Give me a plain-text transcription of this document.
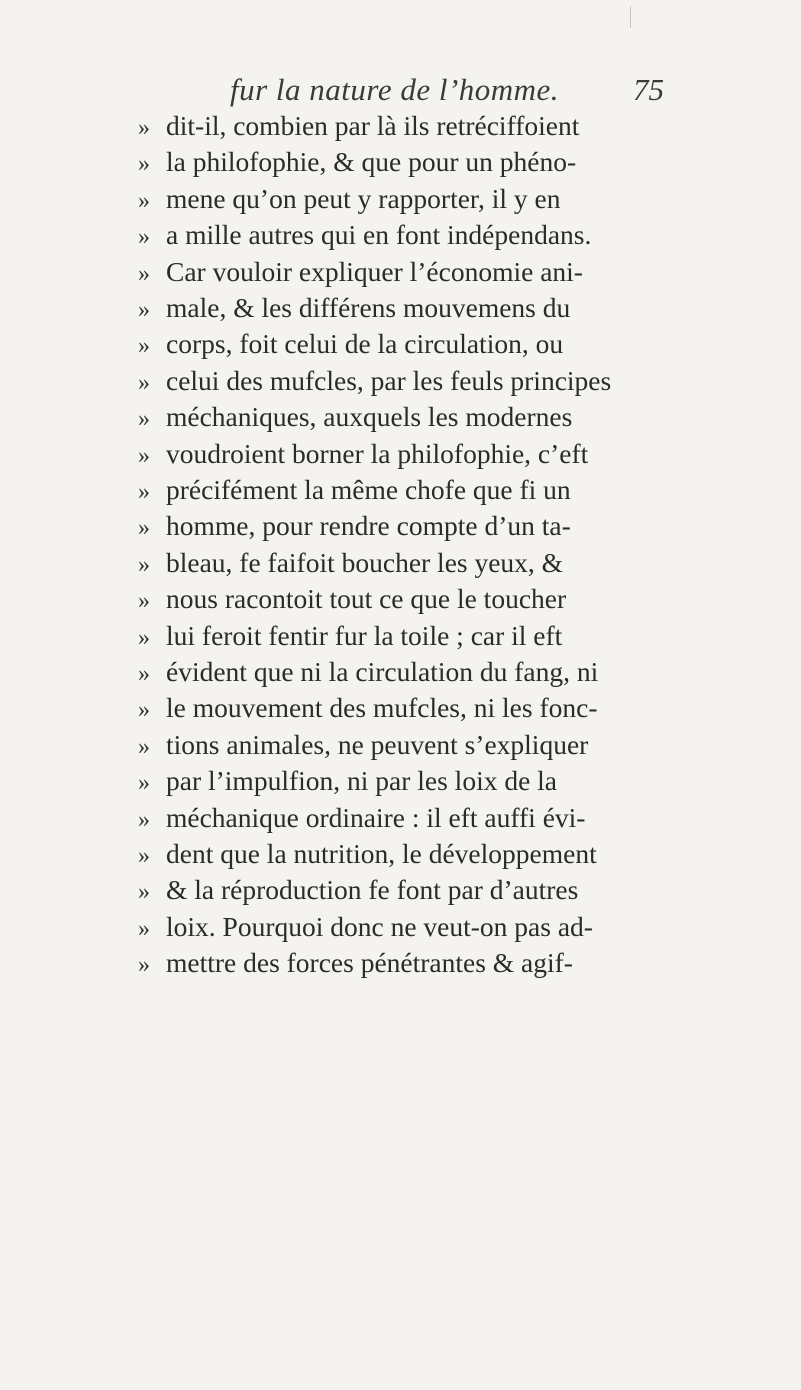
fur la nature de l’homme. 75
» dit-il, combien par là ils retréciffoient
» la philofophie, & que pour un phéno-
» mene qu’on peut y rapporter, il y en
» a mille autres qui en font indépendans.
» Car vouloir expliquer l’économie ani-
» male, & les différens mouvemens du
» corps, foit celui de la circulation, ou
» celui des mufcles, par les feuls principes
» méchaniques, auxquels les modernes
» voudroient borner la philofophie, c’eft
» précifément la même chofe que fi un
» homme, pour rendre compte d’un ta-
» bleau, fe faifoit boucher les yeux, &
» nous racontoit tout ce que le toucher
» lui feroit fentir fur la toile ; car il eft
» évident que ni la circulation du fang, ni
» le mouvement des mufcles, ni les fonc-
» tions animales, ne peuvent s’expliquer
» par l’impulfion, ni par les loix de la
» méchanique ordinaire : il eft auffi évi-
» dent que la nutrition, le développement
» & la réproduction fe font par d’autres
» loix. Pourquoi donc ne veut-on pas ad-
» mettre des forces pénétrantes & agif-
